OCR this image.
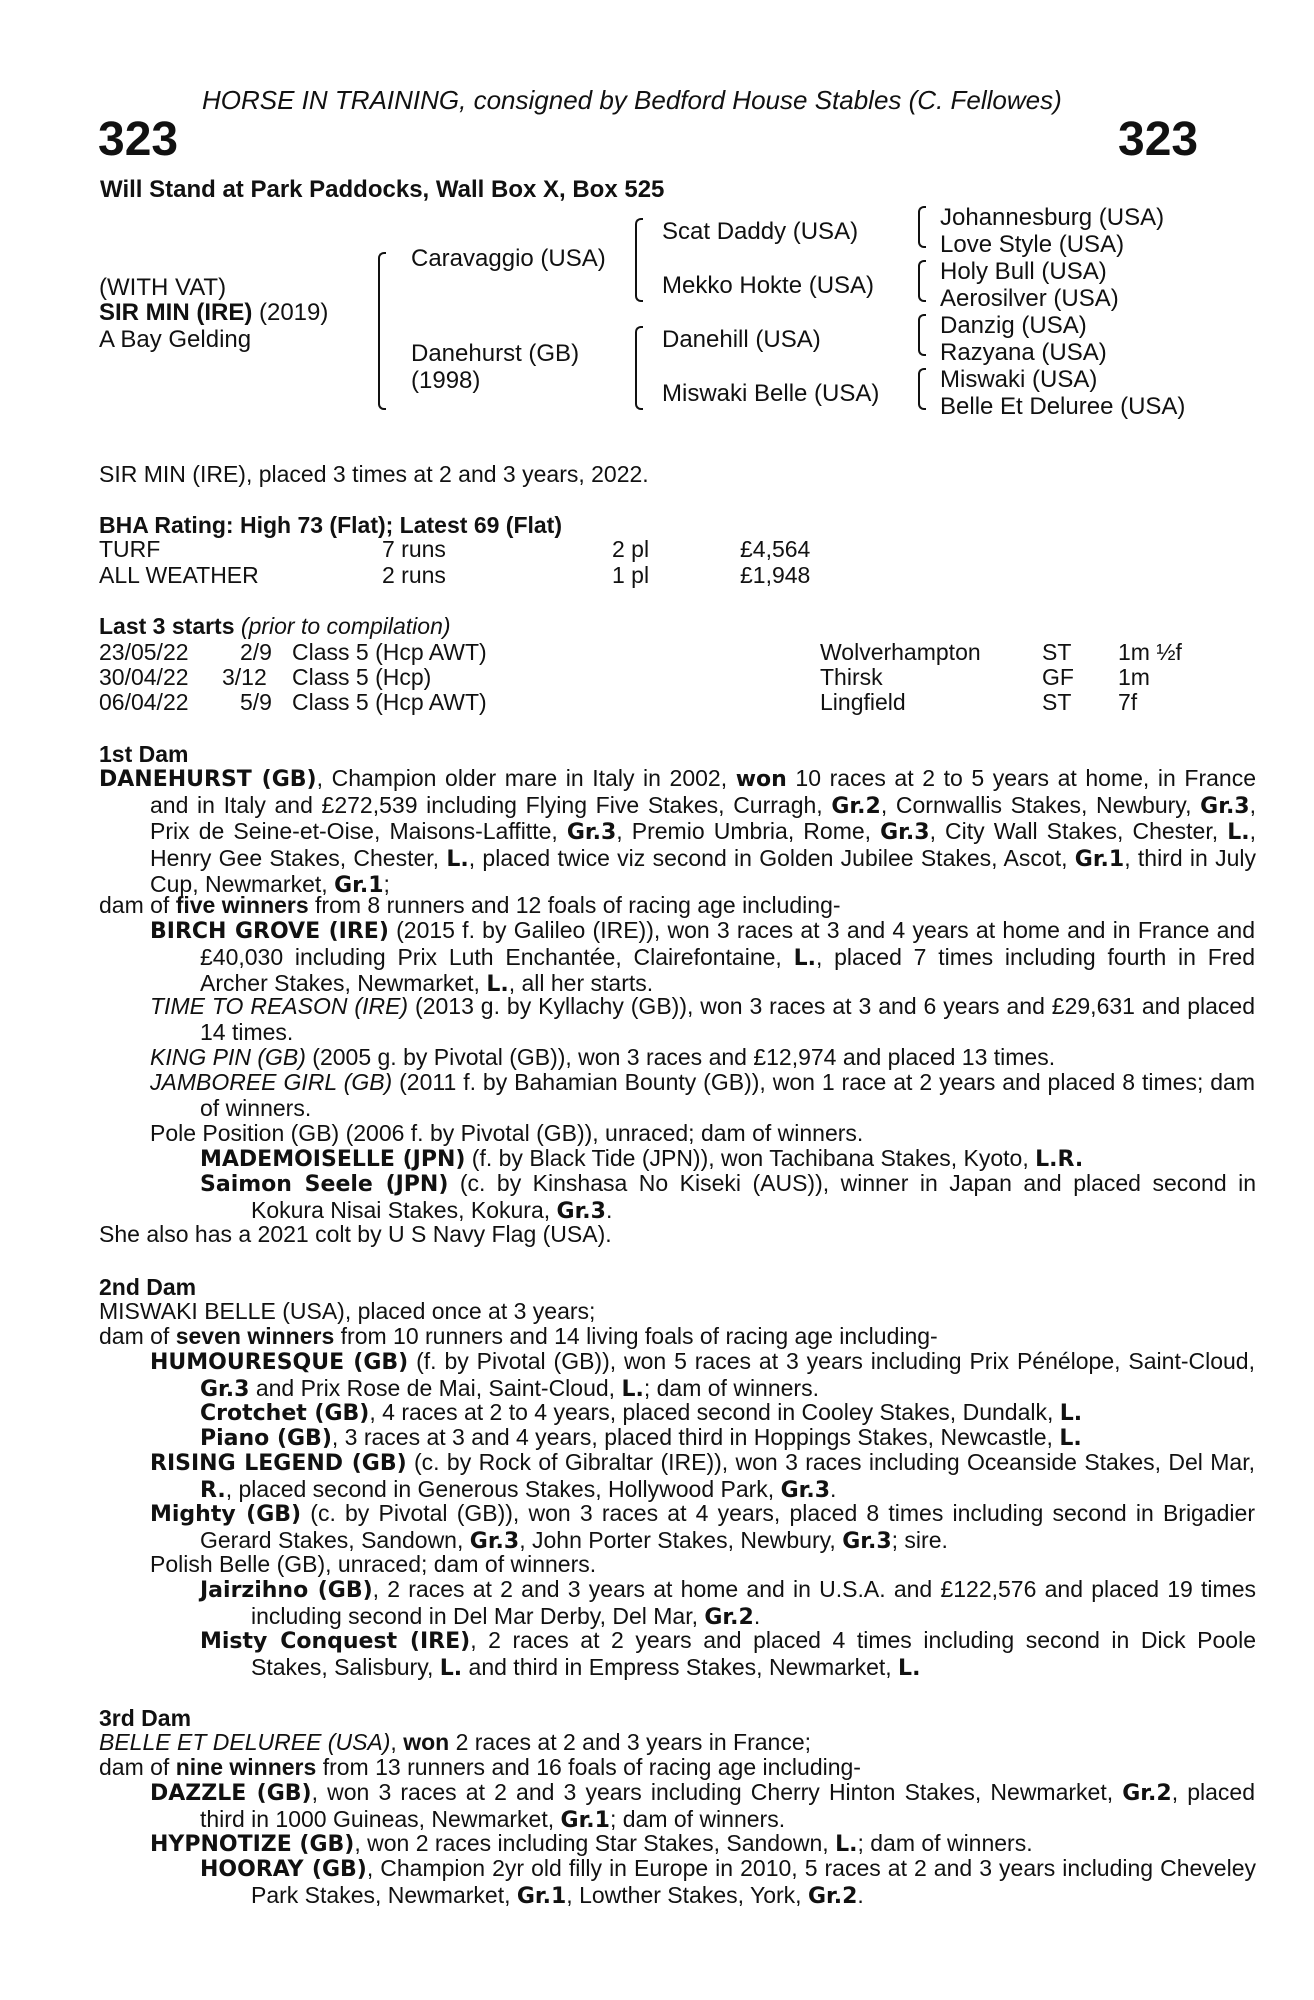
HORSE IN TRAINING, consigned by Bedford House Stables (C. Fellowes)
323	323
Will Stand at Park Paddocks, Wall Box X, Box 525
(WITH VAT)
SIR MIN (IRE) (2019)
A Bay Gelding
Caravaggio (USA)
Danehurst (GB)
(1998)
Scat Daddy (USA)
Mekko Hokte (USA)
Danehill (USA)
Miswaki Belle (USA)
Johannesburg (USA)
Love Style (USA)
Holy Bull (USA)
Aerosilver (USA)
Danzig (USA)
Razyana (USA)
Miswaki (USA)
Belle Et Deluree (USA)
SIR MIN (IRE), placed 3 times at 2 and 3 years, 2022.
BHA Rating: High 73 (Flat); Latest 69 (Flat)
TURF	7 runs	2 pl	£4,564
ALL WEATHER	2 runs	1 pl	£1,948
Last 3 starts (prior to compilation)
23/05/22 2/9 Class 5 (Hcp AWT)	Wolverhampton	ST 1m ½f
30/04/22 3/12 Class 5 (Hcp)	Thirsk	GF 1m
06/04/22 5/9 Class 5 (Hcp AWT)	Lingfield	ST 7f
1st Dam
DANEHURST (GB), Champion older mare in Italy in 2002, won 10 races at 2 to 5 years at home, in France and in Italy and £272,539 including Flying Five Stakes, Curragh, Gr.2, Cornwallis Stakes, Newbury, Gr.3, Prix de Seine-et-Oise, Maisons-Laffitte, Gr.3, Premio Umbria, Rome, Gr.3, City Wall Stakes, Chester, L., Henry Gee Stakes, Chester, L., placed twice viz second in Golden Jubilee Stakes, Ascot, Gr.1, third in July Cup, Newmarket, Gr.1;
dam of five winners from 8 runners and 12 foals of racing age including-
BIRCH GROVE (IRE) (2015 f. by Galileo (IRE)), won 3 races at 3 and 4 years at home and in France and £40,030 including Prix Luth Enchantée, Clairefontaine, L., placed 7 times including fourth in Fred Archer Stakes, Newmarket, L., all her starts.
TIME TO REASON (IRE) (2013 g. by Kyllachy (GB)), won 3 races at 3 and 6 years and £29,631 and placed 14 times.
KING PIN (GB) (2005 g. by Pivotal (GB)), won 3 races and £12,974 and placed 13 times.
JAMBOREE GIRL (GB) (2011 f. by Bahamian Bounty (GB)), won 1 race at 2 years and placed 8 times; dam of winners.
Pole Position (GB) (2006 f. by Pivotal (GB)), unraced; dam of winners.
MADEMOISELLE (JPN) (f. by Black Tide (JPN)), won Tachibana Stakes, Kyoto, L.R.
Saimon Seele (JPN) (c. by Kinshasa No Kiseki (AUS)), winner in Japan and placed second in Kokura Nisai Stakes, Kokura, Gr.3.
She also has a 2021 colt by U S Navy Flag (USA).
2nd Dam
MISWAKI BELLE (USA), placed once at 3 years;
dam of seven winners from 10 runners and 14 living foals of racing age including-
HUMOURESQUE (GB) (f. by Pivotal (GB)), won 5 races at 3 years including Prix Pénélope, Saint-Cloud, Gr.3 and Prix Rose de Mai, Saint-Cloud, L.; dam of winners.
Crotchet (GB), 4 races at 2 to 4 years, placed second in Cooley Stakes, Dundalk, L.
Piano (GB), 3 races at 3 and 4 years, placed third in Hoppings Stakes, Newcastle, L.
RISING LEGEND (GB) (c. by Rock of Gibraltar (IRE)), won 3 races including Oceanside Stakes, Del Mar, R., placed second in Generous Stakes, Hollywood Park, Gr.3.
Mighty (GB) (c. by Pivotal (GB)), won 3 races at 4 years, placed 8 times including second in Brigadier Gerard Stakes, Sandown, Gr.3, John Porter Stakes, Newbury, Gr.3; sire.
Polish Belle (GB), unraced; dam of winners.
Jairzihno (GB), 2 races at 2 and 3 years at home and in U.S.A. and £122,576 and placed 19 times including second in Del Mar Derby, Del Mar, Gr.2.
Misty Conquest (IRE), 2 races at 2 years and placed 4 times including second in Dick Poole Stakes, Salisbury, L. and third in Empress Stakes, Newmarket, L.
3rd Dam
BELLE ET DELUREE (USA), won 2 races at 2 and 3 years in France;
dam of nine winners from 13 runners and 16 foals of racing age including-
DAZZLE (GB), won 3 races at 2 and 3 years including Cherry Hinton Stakes, Newmarket, Gr.2, placed third in 1000 Guineas, Newmarket, Gr.1; dam of winners.
HYPNOTIZE (GB), won 2 races including Star Stakes, Sandown, L.; dam of winners.
HOORAY (GB), Champion 2yr old filly in Europe in 2010, 5 races at 2 and 3 years including Cheveley Park Stakes, Newmarket, Gr.1, Lowther Stakes, York, Gr.2.
